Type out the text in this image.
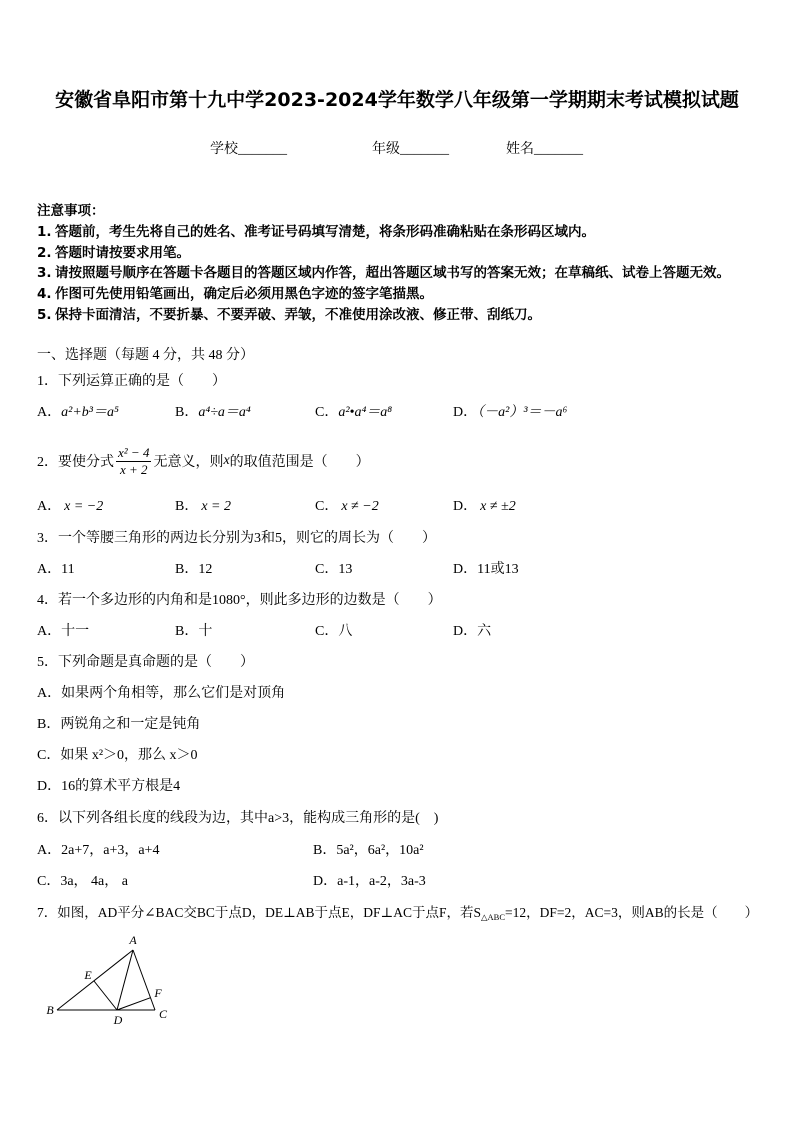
安徽省阜阳市第十九中学2023-2024学年数学八年级第一学期期末考试模拟试题
学校_______	年级_______	姓名_______
注意事项：
1. 答题前，考生先将自己的姓名、准考证号码填写清楚，将条形码准确粘贴在条形码区域内。
2. 答题时请按要求用笔。
3. 请按照题号顺序在答题卡各题目的答题区域内作答，超出答题区域书写的答案无效；在草稿纸、试卷上答题无效。
4. 作图可先使用铅笔画出，确定后必须用黑色字迹的签字笔描黑。
5. 保持卡面清洁，不要折暴、不要弄破、弄皱，不准使用涂改液、修正带、刮纸刀。
一、选择题（每题 4 分，共 48 分）
1．下列运算正确的是（　　）
A．a²+b³＝a⁵	B．a⁴÷a＝a⁴	C．a²•a⁴＝a⁸	D．（－a²）³＝－a⁶
2．要使分式 $\frac{\text{x² − 4}}{x + 2}$ 无意义，则 x 的取值范围是（　　）
A． x = −2	B． x = 2	C． x ≠ −2	D． x ≠ ±2
3．一个等腰三角形的两边长分别为3和5，则它的周长为（　　）
A．11	B．12	C．13	D．11或13
4．若一个多边形的内角和是1080°，则此多边形的边数是（　　）
A．十一	B．十	C．八	D．六
5．下列命题是真命题的是（　　）
A．如果两个角相等，那么它们是对顶角
B．两锐角之和一定是钝角
C．如果 x²＞0，那么 x＞0
D．16的算术平方根是4
6．以下列各组长度的线段为边，其中a>3，能构成三角形的是(　)
A．2a+7，a+3，a+4	B．5a²，6a²，10a²
C．3a， 4a， a	D．a-1，a-2，3a-3
7．如图，AD平分∠BAC交BC于点D，DE⊥AB于点E，DF⊥AC于点F，若$S_{\triangle ABC}=12$，DF=2，AC=3，则AB的长是（　　）
A
E
F
B
D	C
